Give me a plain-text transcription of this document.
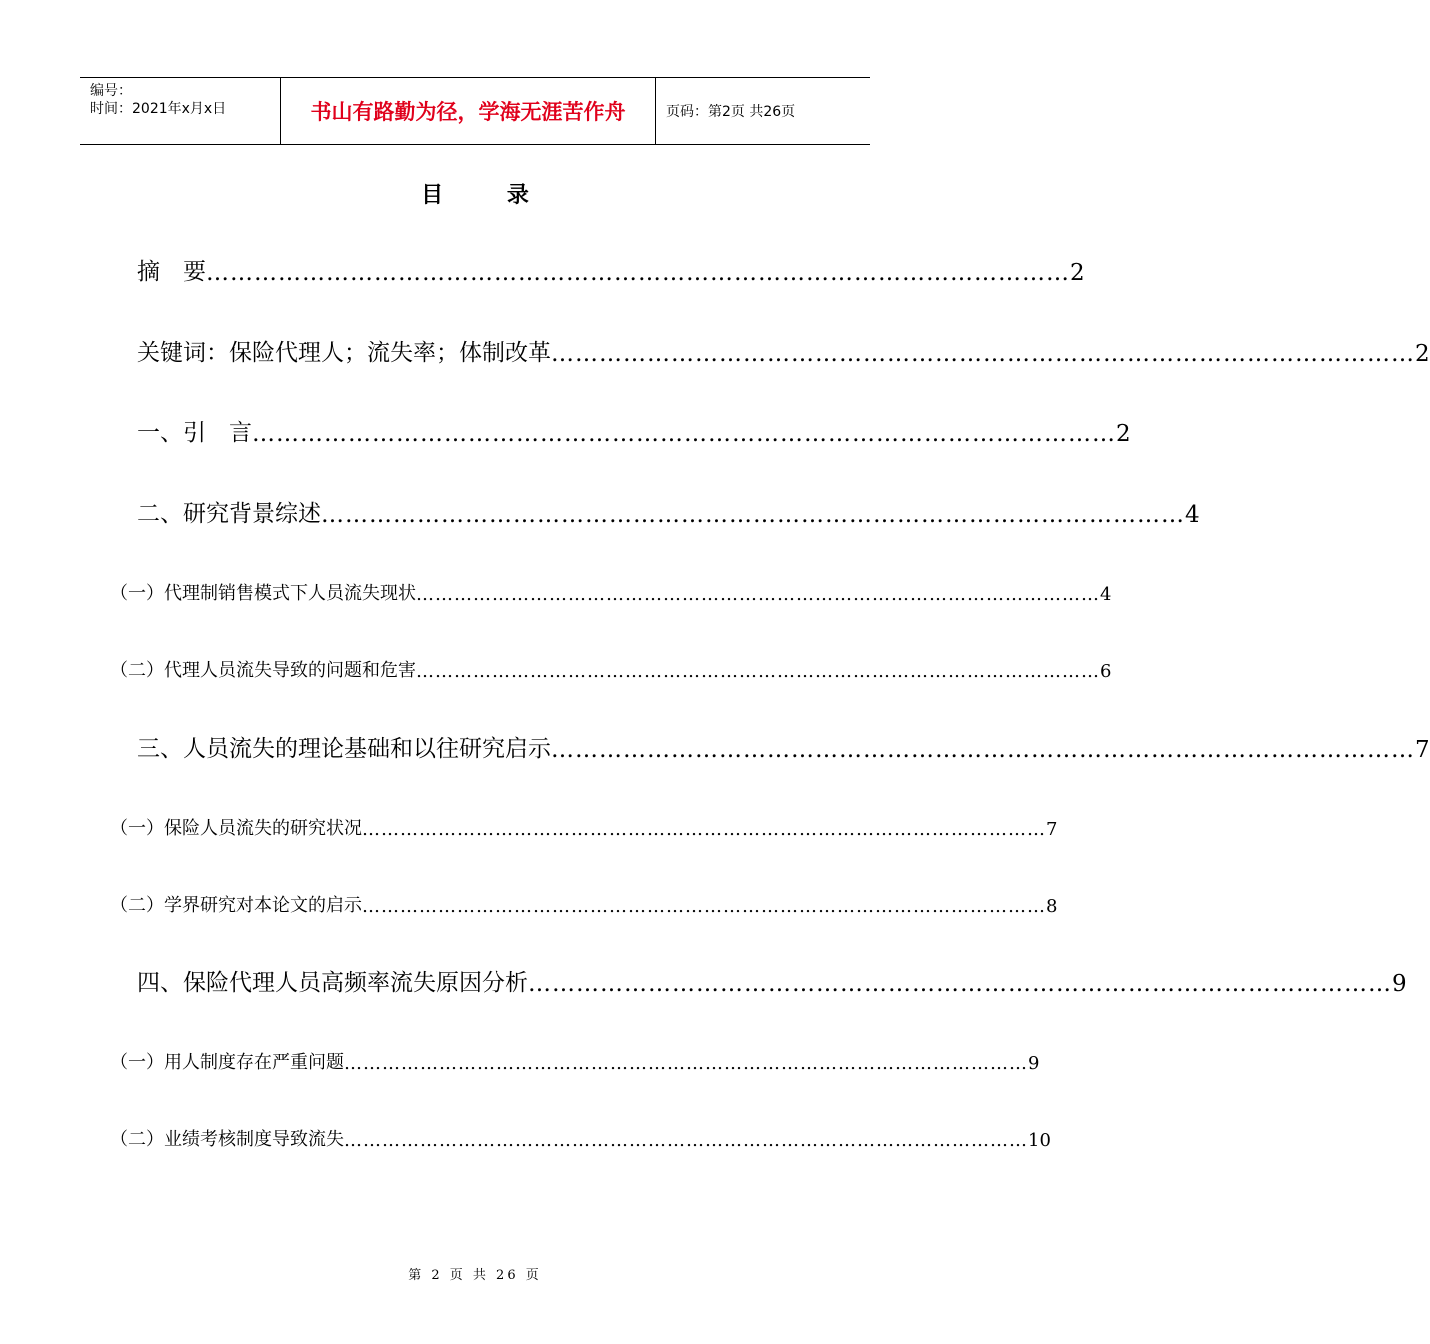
编号：
时间：2021年x月x日	书山有路勤为径，学海无涯苦作舟	页码：第2页 共26页
目 录
摘　要 ……………………………………………………………………………………………… 2
关键词：保险代理人；流失率；体制改革 ……………………………………………………………………………………………… 2
一、引　言 ……………………………………………………………………………………………… 2
二、研究背景综述 ……………………………………………………………………………………………… 4
（一）代理制销售模式下人员流失现状 ……………………………………………………………………………………………… 4
（二）代理人员流失导致的问题和危害 ……………………………………………………………………………………………… 6
三、人员流失的理论基础和以往研究启示 ……………………………………………………………………………………………… 7
（一）保险人员流失的研究状况 ……………………………………………………………………………………………… 7
（二）学界研究对本论文的启示 ……………………………………………………………………………………………… 8
四、保险代理人员高频率流失原因分析 ……………………………………………………………………………………………… 9
（一）用人制度存在严重问题 ……………………………………………………………………………………………… 9
（二）业绩考核制度导致流失 ……………………………………………………………………………………………… 10
第 2 页 共 26 页
